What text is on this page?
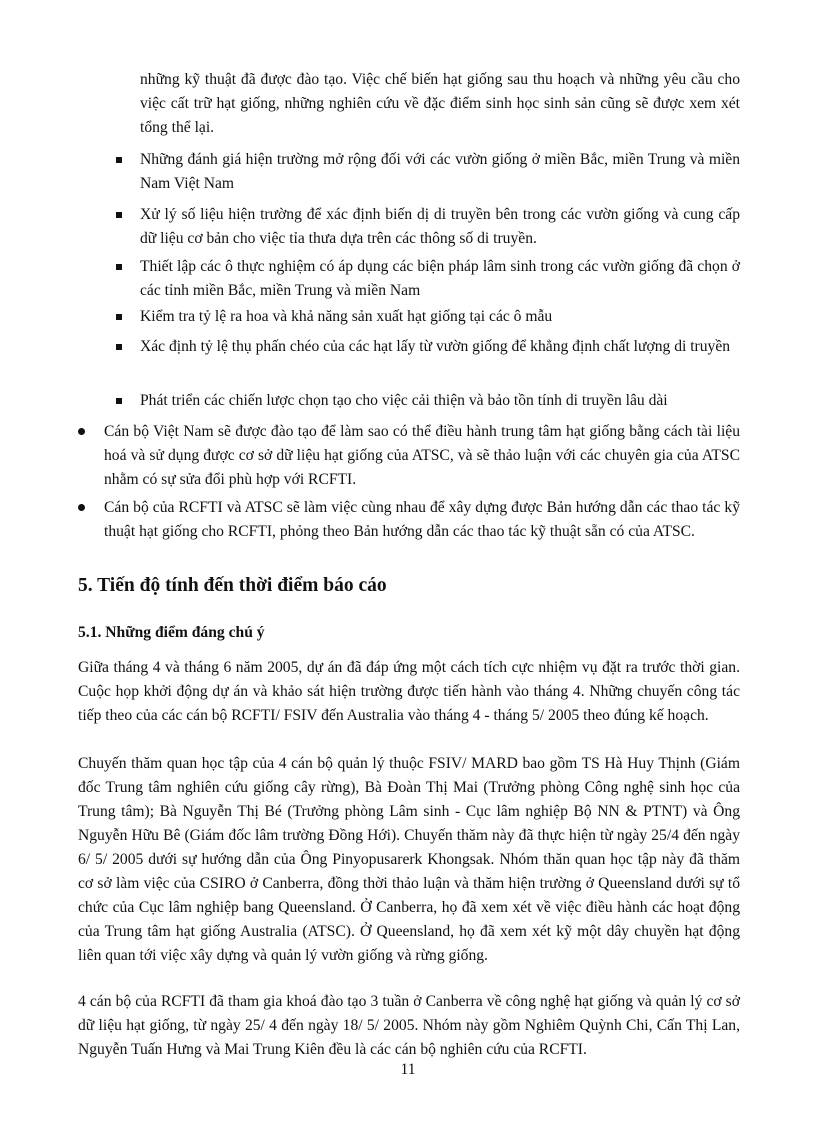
những kỹ thuật đã được đào tạo. Việc chế biến hạt giống sau thu hoạch và những yêu cầu cho việc cất trữ hạt giống, những nghiên cứu về đặc điểm sinh học sinh sản cũng sẽ được xem xét tổng thể lại.

Những đánh giá hiện trường mở rộng đối với các vườn giống ở miền Bắc, miền Trung và miền Nam Việt Nam
Xử lý số liệu hiện trường để xác định biến dị di truyền bên trong các vườn giống và cung cấp dữ liệu cơ bản cho việc tỉa thưa dựa trên các thông số di truyền.
Thiết lập các ô thực nghiệm có áp dụng các biện pháp lâm sinh trong các vườn giống đã chọn ở các tỉnh miền Bắc, miền Trung và miền Nam
Kiểm tra tỷ lệ ra hoa và khả năng sản xuất hạt giống tại các ô mẫu
Xác định tỷ lệ thụ phấn chéo của các hạt lấy từ vườn giống để khẳng định chất lượng di truyền
Phát triển các chiến lược chọn tạo cho việc cải thiện và bảo tồn tính di truyền lâu dài
Cán bộ Việt Nam sẽ được đào tạo để làm sao có thể điều hành trung tâm hạt giống bằng cách tài liệu hoá và sử dụng được cơ sở dữ liệu hạt giống của ATSC, và sẽ thảo luận với các chuyên gia của ATSC nhằm có sự sửa đổi phù hợp với RCFTI.
Cán bộ của RCFTI và ATSC sẽ làm việc cùng nhau để xây dựng được Bản hướng dẫn các thao tác kỹ thuật hạt giống cho RCFTI, phỏng theo Bản hướng dẫn các thao tác kỹ thuật sẵn có của ATSC.
5. Tiến độ tính đến thời điểm báo cáo
5.1. Những điểm đáng chú ý

Giữa tháng 4 và tháng 6 năm 2005, dự án đã đáp ứng một cách tích cực nhiệm vụ đặt ra trước thời gian. Cuộc họp khởi động dự án và khảo sát hiện trường được tiến hành vào tháng 4. Những chuyến công tác tiếp theo của các cán bộ RCFTI/ FSIV đến Australia vào tháng 4 - tháng 5/ 2005 theo đúng kế hoạch.

Chuyến thăm quan học tập của 4 cán bộ quản lý thuộc FSIV/ MARD bao gồm TS Hà Huy Thịnh (Giám đốc Trung tâm nghiên cứu giống cây rừng), Bà Đoàn Thị Mai (Trưởng phòng Công nghệ sinh học của Trung tâm); Bà Nguyễn Thị Bé (Trưởng phòng Lâm sinh - Cục lâm nghiệp Bộ NN & PTNT) và Ông Nguyễn Hữu Bê (Giám đốc lâm trường Đồng Hới). Chuyến thăm này đã thực hiện từ ngày 25/4 đến ngày 6/ 5/ 2005 dưới sự hướng dẫn của Ông Pinyopusarerk Khongsak. Nhóm thăn quan học tập này đã thăm cơ sở làm việc của CSIRO ở Canberra, đồng thời thảo luận và thăm hiện trường ở Queensland dưới sự tổ chức của Cục lâm nghiệp bang Queensland. Ở Canberra, họ đã xem xét về việc điều hành các hoạt động của Trung tâm hạt giống Australia (ATSC). Ở Queensland, họ đã xem xét kỹ một dây chuyền hạt động liên quan tới việc xây dựng và quản lý vườn giống và rừng giống.

4 cán bộ của RCFTI đã tham gia khoá đào tạo 3 tuần ở Canberra về công nghệ hạt giống và quản lý cơ sở dữ liệu hạt giống, từ ngày 25/ 4 đến ngày 18/ 5/ 2005. Nhóm này gồm Nghiêm Quỳnh Chi, Cấn Thị Lan, Nguyễn Tuấn Hưng và Mai Trung Kiên đều là các cán bộ nghiên cứu của RCFTI.

11
